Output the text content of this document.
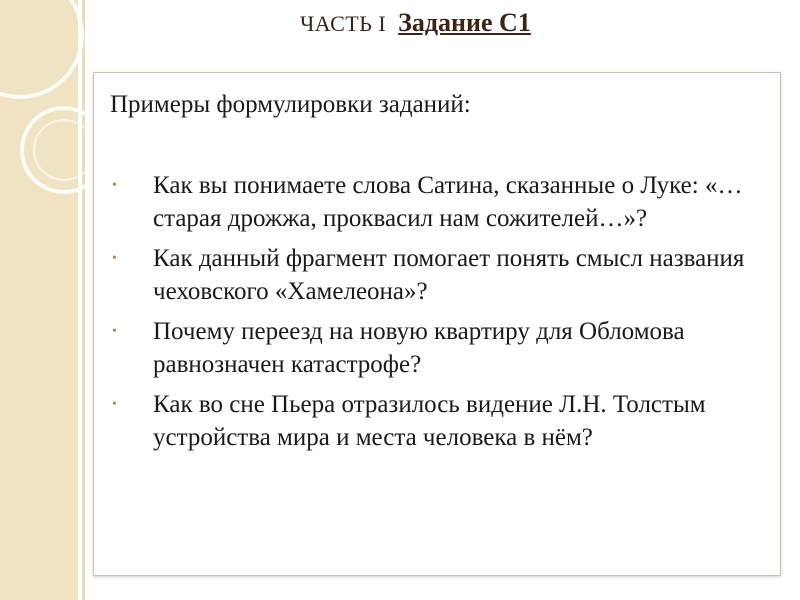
ЧАСТЬ I Задание С1

Примеры формулировки заданий:

• Как вы понимаете слова Сатина, сказанные о Луке: «…старая дрожжа, проквасил нам сожителей…»?
• Как данный фрагмент помогает понять смысл названия чеховского «Хамелеона»?
• Почему переезд на новую квартиру для Обломова равнозначен катастрофе?
• Как во сне Пьера отразилось видение Л.Н. Толстым устройства мира и места человека в нём?
